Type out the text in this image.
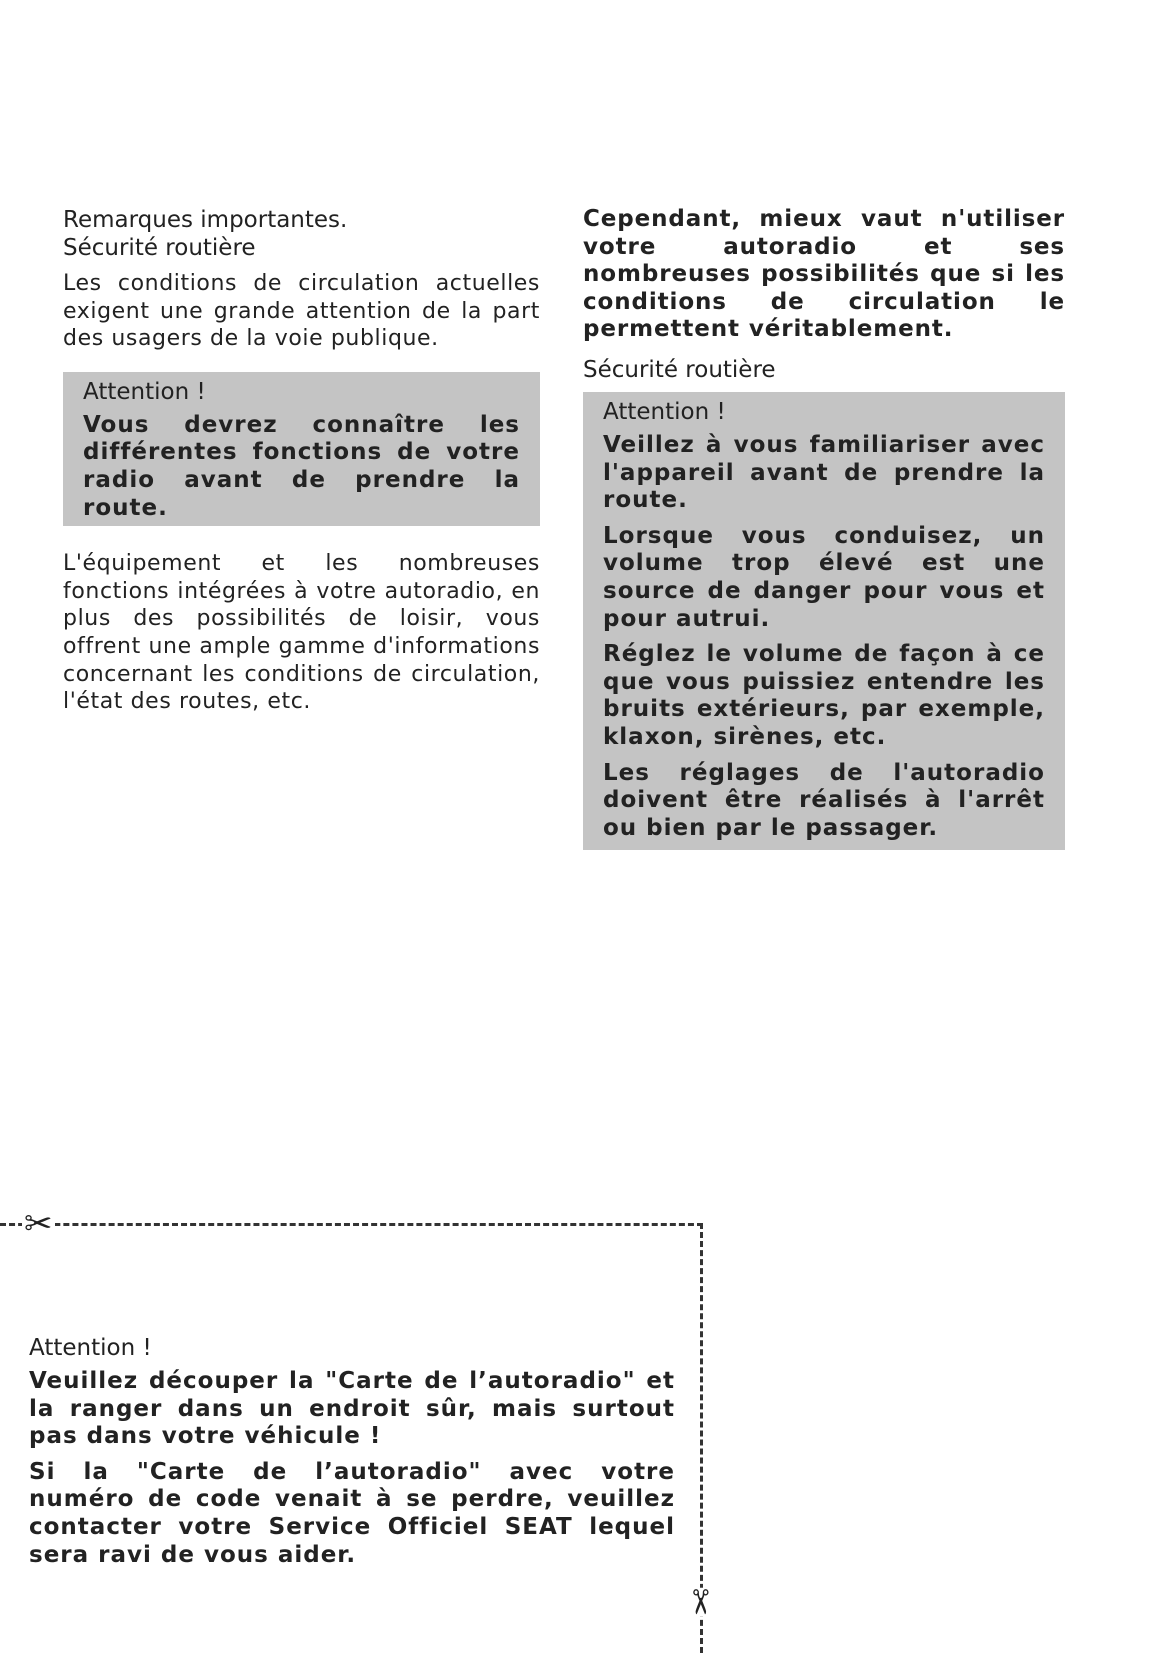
Remarques importantes.
Sécurité routière

Les conditions de circulation actuelles exigent une grande attention de la part des usagers de la voie publique.

Attention !

Vous devrez connaître les différentes fonctions de votre radio avant de prendre la route.

L'équipement et les nombreuses fonctions intégrées à votre autoradio, en plus des possibilités de loisir, vous offrent une ample gamme d'informations concernant les conditions de circulation, l'état des routes, etc.

Cependant, mieux vaut n'utiliser votre autoradio et ses nombreuses possibilités que si les conditions de circulation le permettent véritablement.

Sécurité routière
Attention !

Veillez à vous familiariser avec l'appareil avant de prendre la route.

Lorsque vous conduisez, un volume trop élevé est une source de danger pour vous et pour autrui.

Réglez le volume de façon à ce que vous puissiez entendre les bruits extérieurs, par exemple, klaxon, sirènes, etc.

Les réglages de l'autoradio doivent être réalisés à l'arrêt ou bien par le passager.

✂
✂
Attention !

Veuillez découper la "Carte de l’autoradio" et la ranger dans un endroit sûr, mais surtout pas dans votre véhicule !

Si la "Carte de l’autoradio" avec votre numéro de code venait à se perdre, veuillez contacter votre Service Officiel SEAT lequel sera ravi de vous aider.
